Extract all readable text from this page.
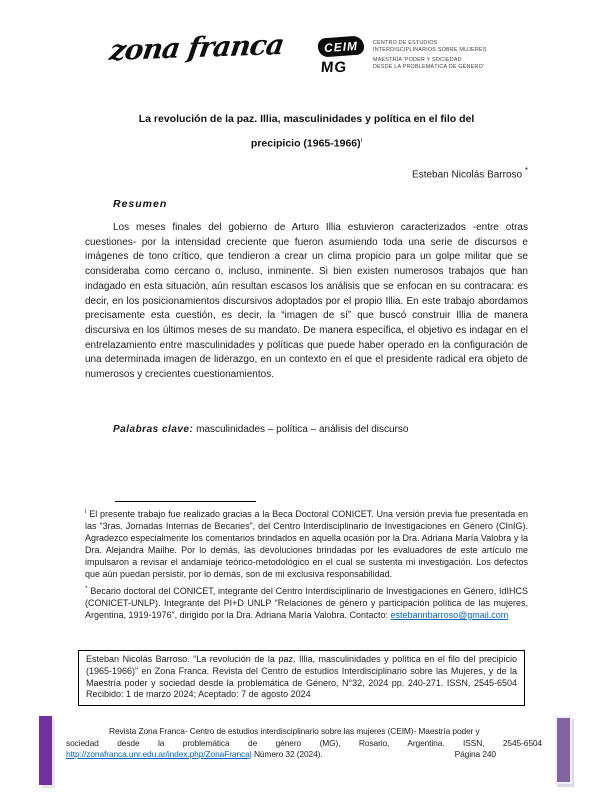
zona franca	CEIM
MG
CENTRO DE ESTUDIOS
INTERDISCIPLINARIOS SOBRE MUJERES
MAESTRÍA 'PODER Y SOCIEDAD
DESDE LA PROBLEMÁTICA DE GÉNERO'
La revolución de la paz. Illia, masculinidades y política en el filo del
precipicio (1965-1966)$^i$
Esteban Nicolás Barroso *
Resumen

Los meses finales del gobierno de Arturo Illia estuvieron caracterizados -entre otras cuestiones- por la intensidad creciente que fueron asumiendo toda una serie de discursos e imágenes de tono crítico, que tendieron a crear un clima propicio para un golpe militar que se consideraba como cercano o, incluso, inminente. Si bien existen numerosos trabajos que han indagado en esta situación, aún resultan escasos los análisis que se enfocan en su contracara: es decir, en los posicionamientos discursivos adoptados por el propio Illia. En este trabajo abordamos precisamente esta cuestión, es decir, la “imagen de sí” que buscó construir Illia de manera discursiva en los últimos meses de su mandato. De manera específica, el objetivo es indagar en el entrelazamiento entre masculinidades y políticas que puede haber operado en la configuración de una determinada imagen de liderazgo, en un contexto en el que el presidente radical era objeto de numerosos y crecientes cuestionamientos.

Palabras clave: masculinidades – política – análisis del discurso

$^i$ El presente trabajo fue realizado gracias a la Beca Doctoral CONICET. Una versión previa fue presentada en las “3ras. Jornadas Internas de Becaries”, del Centro Interdisciplinario de Investigaciones en Género (CInIG). Agradezco especialmente los comentarios brindados en aquella ocasión por la Dra. Adriana María Valobra y la Dra. Alejandra Mailhe. Por lo demás, las devoluciones brindadas por les evaluadores de este artículo me impulsaron a revisar el andamiaje teórico-metodológico en el cual se sustenta mi investigación. Los defectos que aún puedan persistir, por lo demás, son de mi exclusiva responsabilidad.

* Becario doctoral del CONICET, integrante del Centro Interdisciplinario de Investigaciones en Género, IdIHCS (CONICET-UNLP). Integrante del PI+D UNLP “Relaciones de género y participación política de las mujeres, Argentina, 1919-1976”, dirigido por la Dra. Adriana María Valobra. Contacto: estebannbarroso@gmail.com

Esteban Nicolás Barroso. “La revolución de la paz. Illia, masculinidades y política en el filo del precipicio (1965-1966)” en Zona Franca. Revista del Centro de estudios Interdisciplinario sobre las Mujeres, y de la Maestría poder y sociedad desde la problemática de Género, N°32, 2024 pp. 240-271. ISSN, 2545-6504 Recibido: 1 de marzo 2024; Aceptado: 7 de agosto 2024
Revista Zona Franca- Centro de estudios interdisciplinario sobre las mujeres (CEIM)- Maestría poder y
sociedad desde la problemática de género (MG), Rosario, Argentina. ISSN, 2545-6504
http://zonafranca.unr.edu.ar/index.php/ZonaFranca| Número 32 (2024).	Página 240
